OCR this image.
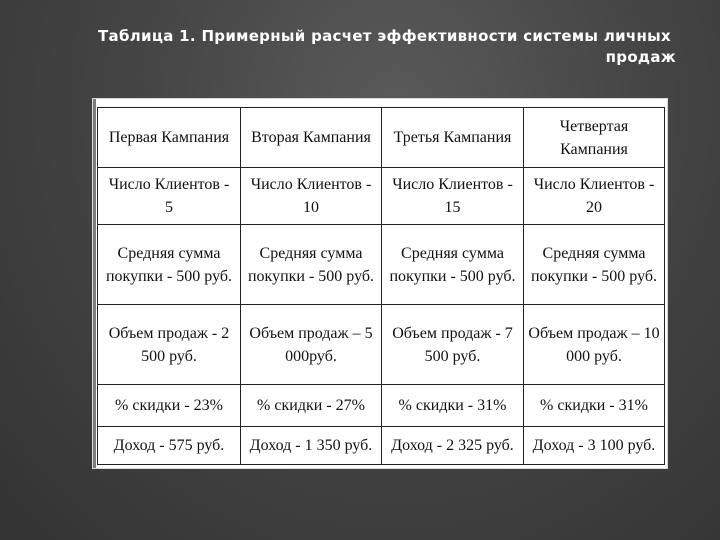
Таблица 1. Примерный расчет эффективности системы личных
продаж
Первая Кампания	Вторая Кампания	Третья Кампания	Четвертая
Кампания
Число Клиентов -
5	Число Клиентов -
10	Число Клиентов -
15	Число Клиентов -
20
Средняя сумма
покупки - 500 руб.	Средняя сумма
покупки - 500 руб.	Средняя сумма
покупки - 500 руб.	Средняя сумма
покупки - 500 руб.
Объем продаж - 2
500 руб.	Объем продаж – 5
000руб.	Объем продаж - 7
500 руб.	Объем продаж – 10
000 руб.
% скидки - 23%	% скидки - 27%	% скидки - 31%	% скидки - 31%
Доход - 575 руб.	Доход - 1 350 руб.	Доход - 2 325 руб.	Доход - 3 100 руб.
